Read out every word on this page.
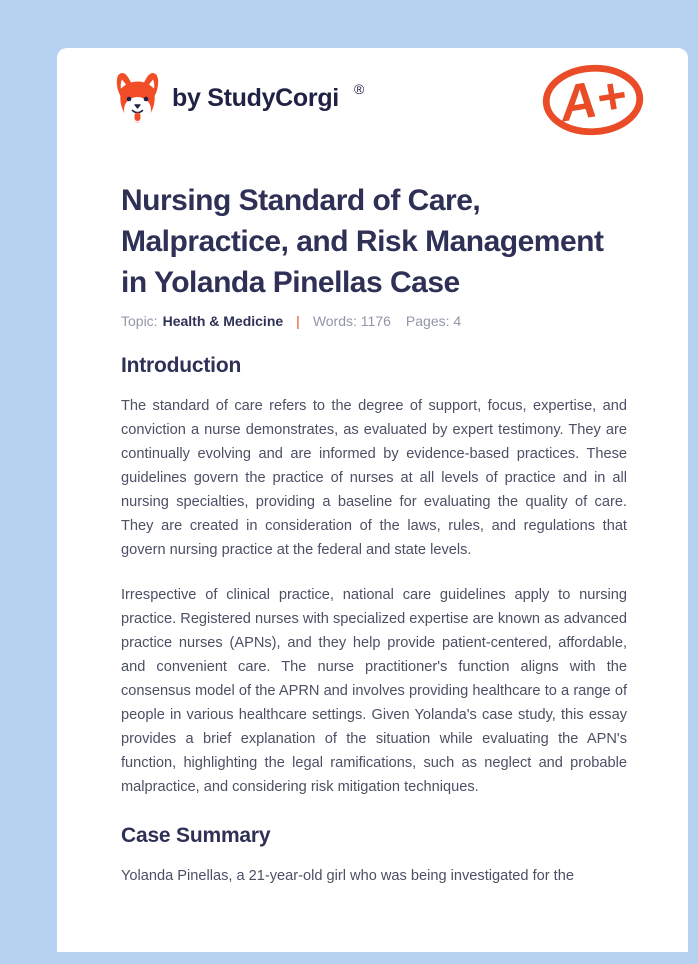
by StudyCorgi ®	A+
Nursing Standard of Care,
Malpractice, and Risk Management
in Yolanda Pinellas Case
Topic: Health & Medicine | Words: 1176 Pages: 4
Introduction

The standard of care refers to the degree of support, focus, expertise, and conviction a nurse demonstrates, as evaluated by expert testimony. They are continually evolving and are informed by evidence-based practices. These guidelines govern the practice of nurses at all levels of practice and in all nursing specialties, providing a baseline for evaluating the quality of care. They are created in consideration of the laws, rules, and regulations that govern nursing practice at the federal and state levels.

Irrespective of clinical practice, national care guidelines apply to nursing practice. Registered nurses with specialized expertise are known as advanced practice nurses (APNs), and they help provide patient-centered, affordable, and convenient care. The nurse practitioner's function aligns with the consensus model of the APRN and involves providing healthcare to a range of people in various healthcare settings. Given Yolanda's case study, this essay provides a brief explanation of the situation while evaluating the APN's function, highlighting the legal ramifications, such as neglect and probable malpractice, and considering risk mitigation techniques.

Case Summary

Yolanda Pinellas, a 21-year-old girl who was being investigated for the
